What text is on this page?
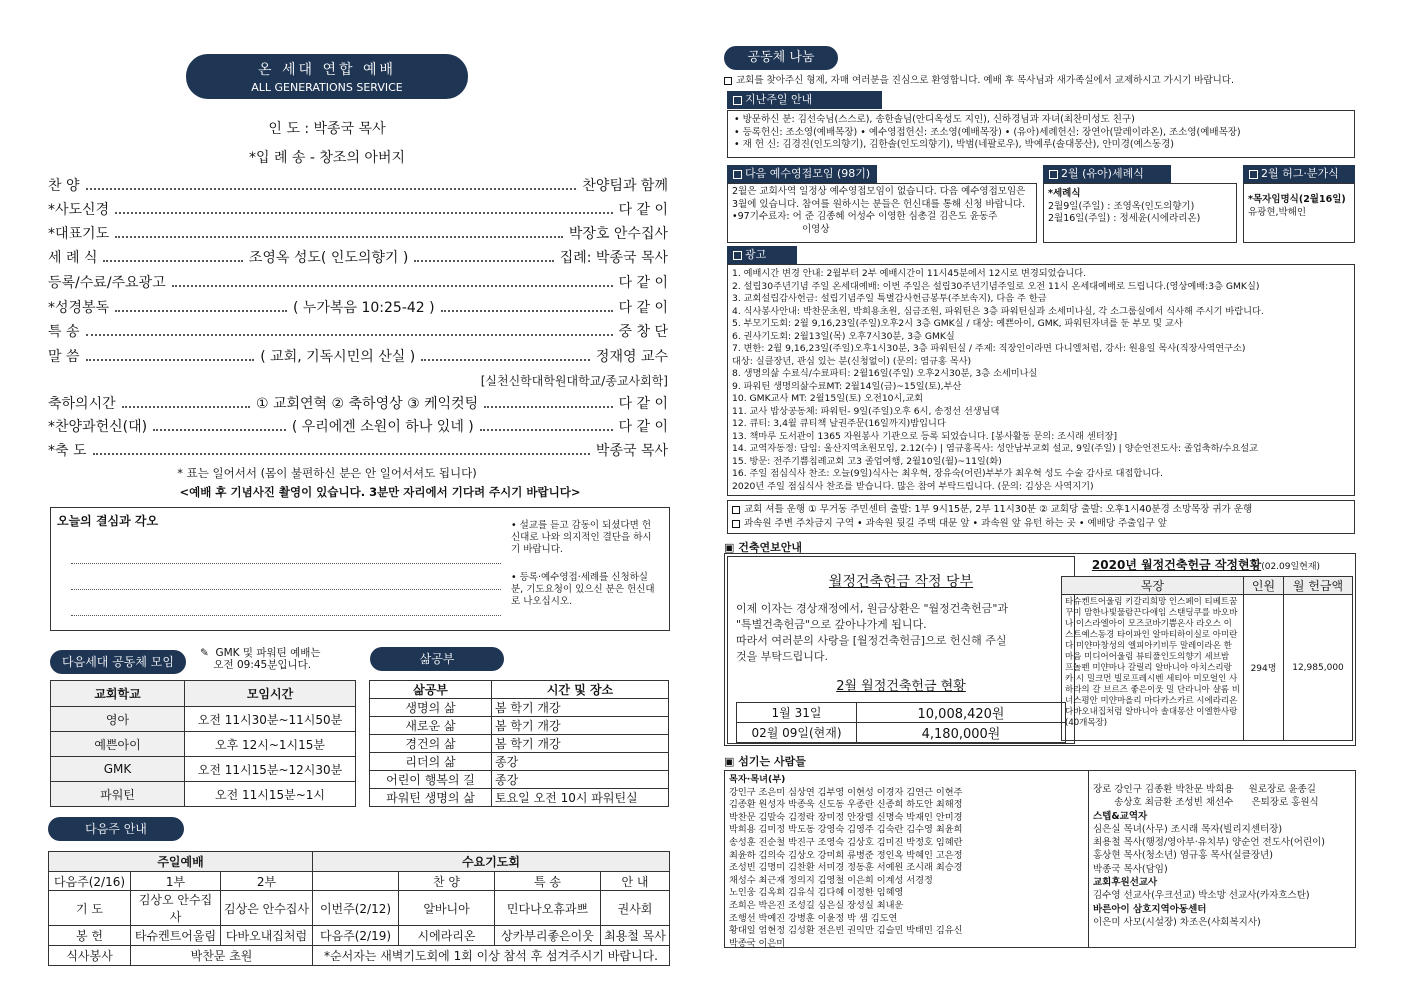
온 세대 연합 예배
ALL GENERATIONS SERVICE
인 도 : 박종국 목사
*입 례 송 - 창조의 아버지
찬 양	찬양팀과 함께
*사도신경	다 같 이
*대표기도	박장호 안수집사
세 례 식	조영옥 성도( 인도의향기 )	집례: 박종국 목사
등록/수료/주요광고	다 같 이
*성경봉독	( 누가복음 10:25-42 )	다 같 이
특 송	중 창 단
말 씀	( 교회, 기독시민의 산실 )	정재영 교수
축하의시간	① 교회연혁 ② 축하영상 ③ 케익컷팅	다 같 이
*찬양과헌신(대)	( 우리에겐 소원이 하나 있네 )	다 같 이
*축 도	박종국 목사
[실천신학대학원대학교/종교사회학]
* 표는 일어서서 (몸이 불편하신 분은 안 일어서셔도 됩니다)
<예배 후 기념사진 촬영이 있습니다. 3분만 자리에서 기다려 주시기 바랍니다>
오늘의 결심과 각오	• 설교를 듣고 감동이 되셨다면 헌신대로 나와 의지적인 결단을 하시기 바랍니다.
• 등록·예수영접·세례를 신청하실 분, 기도요청이 있으신 분은 헌신대로 나오십시오.
다음세대 공동체 모임
✎  GMK 및 파워틴 예배는
오전 09:45분입니다.
교회학교	모임시간
영아	오전 11시30분~11시50분
예쁜아이	오후 12시~1시15분
GMK	오전 11시15분~12시30분
파워틴	오전 11시15분~1시
삶공부
삶공부	시간 및 장소
생명의 삶	봄 학기 개강
새로운 삶	봄 학기 개강
경건의 삶	봄 학기 개강
리더의 삶	종강
어린이 행복의 길	종강
파워틴 생명의 삶	토요일 오전 10시 파워틴실
다음주 안내
주일예배			수요기도회			
다음주(2/16)	1부	2부		찬 양	특 송	안 내
기 도	김상오 안수집사	김상은 안수집사	이번주(2/12)	알바니아	민다나오휴과쁘	권사회
봉 헌	타슈켄트어울림	다바오내집처럼	다음주(2/19)	시에라리온	상카부리좋은이웃	최용철 목사
식사봉사	박찬문 초원		*순서자는 새벽기도회에 1회 이상 참석 후 섬겨주시기 바랍니다.			
공동체 나눔
교회를 찾아주신 형제, 자매 여러분을 진심으로 환영합니다. 예배 후 목사님과 새가족실에서 교제하시고 가시기 바랍니다.
지난주일 안내
• 방문하신 분: 김선숙님(스스로), 송한솔님(안디옥성도 지인), 신하경님과 자녀(최찬미성도 친구)
• 등록헌신: 조소영(예배목장) • 예수영접헌신: 조소영(예배목장) • (유아)세례헌신: 장연아(말레이라온), 조소영(예배목장)
• 재 헌 신: 김경진(인도의향기), 김한솔(인도의향기), 박범(네팔로우), 박예루(솔대몽산), 안미경(예스동경)
다음 예수영접모임 (98기)
2월은 교회사역 일정상 예수영접모임이 없습니다. 다음 예수영접모임은 3월에 있습니다. 참여를 원하시는 분들은 헌신대를 통해 신청 바랍니다.
•97기수료자: 어 준 김종혜 어성수 이영한 심총걸 김은도 윤동주
이영상
2월 (유아)세례식
*세례식
2월9일(주일) : 조영옥(인도의향기)
2월16일(주일) : 정세윤(시에라리온)
2월 허그·분가식
*목자임명식(2월16일)
유광현,박해인
광고
1. 예배시간 변경 안내: 2월부터 2부 예배시간이 11시45분에서 12시로 변경되었습니다.
2. 설립30주년기념 주일 온세대예배: 이번 주일은 설립30주년기념주일로 오전 11시 온세대예배로 드립니다.(영상예배:3층 GMK실)
3. 교회설립감사헌금: 설립기념주일 특별감사헌금봉투(주보속지), 다음 주 한금
4. 식사봉사안내: 박찬문초원, 박희용초원, 심금조원, 파워틴은 3층 파워틴실과 소세미나실, 각 소그룹실에서 식사해 주시기 바랍니다.
5. 부모기도회: 2월 9,16,23일(주일)오후2시 3층 GMK실 / 대상: 예쁜아이, GMK, 파워틴자녀를 둔 부모 및 교사
6. 권사기도회: 2월13일(목) 오후7시30분, 3층 GMK실
7. 변한: 2월 9,16,23일(주일)오후1시30분, 3층 파워틴실 / 주제: 직장인이라면 다니엘처럼, 강사: 원용일 목사(직장사역연구소)
대상: 실클장년, 관심 있는 분(신청없이) (문의: 염규홍 목사)
8. 생명의삶 수료식/수료파티: 2월16일(주일) 오후2시30분, 3층 소세미나실
9. 파워틴 생명의삶수료MT: 2월14일(금)~15일(토),부산
10. GMK교사 MT: 2월15일(토) 오전10시,교회
11. 교사 밥상공동체: 파워틴- 9일(주일)오후 6시, 송정선 선생님댁
12. 큐티: 3,4월 큐티책 날권주문(16일까지)밤입니다
13. 책마루 도서관이 1365 자원봉사 기관으로 등록 되었습니다. [봉사활동 문의: 조시래 센터장]
14. 교역자동정: 담임: 울산지역초원모임, 2.12(수) | 염규홍목사: 성안남부교회 설교, 9일(주일) | 양순언전도사: 졸업축하/수요설교
15. 방문: 전주기쁨침례교회 고3 졸업여행, 2월10일(월)~11일(화)
16. 주일 점심식사 찬조: 오늘(9일)식사는 최우혁, 장유숙(어린)부부가 최우혁 성도 수술 감사로 대접합니다.
2020년 주일 점심식사 찬조를 받습니다. 많은 참여 부탁드립니다. (문의: 김상은 사역지기)
교회 셔틀 운행 ① 무거동 주민센터 출발: 1부 9시15분, 2부 11시30분 ② 교회당 출발: 오후1시40분경 소망목장 귀가 운행
과속원 주변 주차금지 구역 • 과속원 뒷길 주택 대문 앞 • 과속원 앞 유턴 하는 곳 • 예배당 주출입구 앞
▣ 건축연보안내
월정건축헌금 작정 당부
이제 이자는 경상재정에서, 원금상환은 "월정건축헌금"과
"특별건축헌금"으로 갚아나가게 됩니다.
따라서 여러분의 사랑을 [월정건축헌금]으로 헌신해 주실
것을 부탁드립니다.
2월 월정건축헌금 현황
1월 31일	10,008,420원
02월 09일(현재)	4,180,000원
2020년 월정건축헌금 작정현황(02.09일현재)
목장	인원	월 헌금액
타슈켄트어울림 키갈리희망 인스페이 티베트꿈꾸미 맘한나빛물람끈다애임 스탠딩쿠를 바오바나 이스라엘아이 모즈코바기쁨온사 라오스 이스트예스동경 타이파인 알마티하이실로 아미란다 미얀마창성의 엘피아키비두 말레이라온 한마음 미디어어울림 뷰티풀인도의향기 세브밤 프놀펜 미얀마나 갈릴리 알바니아 아치스리랑카 시 밀크먼 빌로프레시벤 세티아 미모얼인 사하라의 갈 브르즈 좋은이웃 밀 단라니아 샬롬 비너스평안 미얀마올리 마다카스카르 시에라리온 다바오내집처럼 알바니아 솔대몽산 이엘한사랑 (40개목장)	294명	12,985,000
▣ 섬기는 사람들
목자·목녀(부)
강인구 조은미 심상연 김부영 이현성 이경자 김연근 이현주
김종환 원성자 박종욱 신도동 우종란 신종희 하도안 최해정
박찬문 김말숙 김정락 장미정 안장렬 신명숙 박재인 안미경
박희용 김미정 박도동 강영숙 김영주 김숙란 김수영 최윤희
송성훈 진순철 박진구 조영숙 김상호 김미진 박정호 임혜란
최윤하 김의숙 김상오 강미희 류병준 정인옥 박혜인 고은정
조성빈 김명미 김찬환 서미경 정동훈 서예원 조시래 최승경
채성수 최근재 정의지 김영철 이은희 이계성 서경정
노인웅 김옥희 김유식 김다혜 이정한 임혜영
조희은 박은진 조성길 심은실 장성실 최내운
조행선 박예진 강병훈 이윤정 박 샘 김도연
황대일 엄현정 김성환 전은빈 권익만 김슬민 박태민 김유신
박종국 이은미
장로 강인구 김종환 박찬문 박희용     원로장로 윤종길
송상호 최금환 조성빈 채선수      은퇴장로 홍원식
스텝&교역자
심은실 목녀(사무) 조시래 목자(빌리지센터장)
최용철 목사(행정/영아부·유치부) 양순언 전도사(어린이)
홍상현 목사(청소년) 염규홍 목사(실클장년)
박종국 목사(담임)
교회후원선교사
김수영 선교사(우크선교) 박소망 선교사(카자흐스탄)
바른아이 삼호지역아동센터
이은미 사모(시설장) 차조은(사회복지사)
